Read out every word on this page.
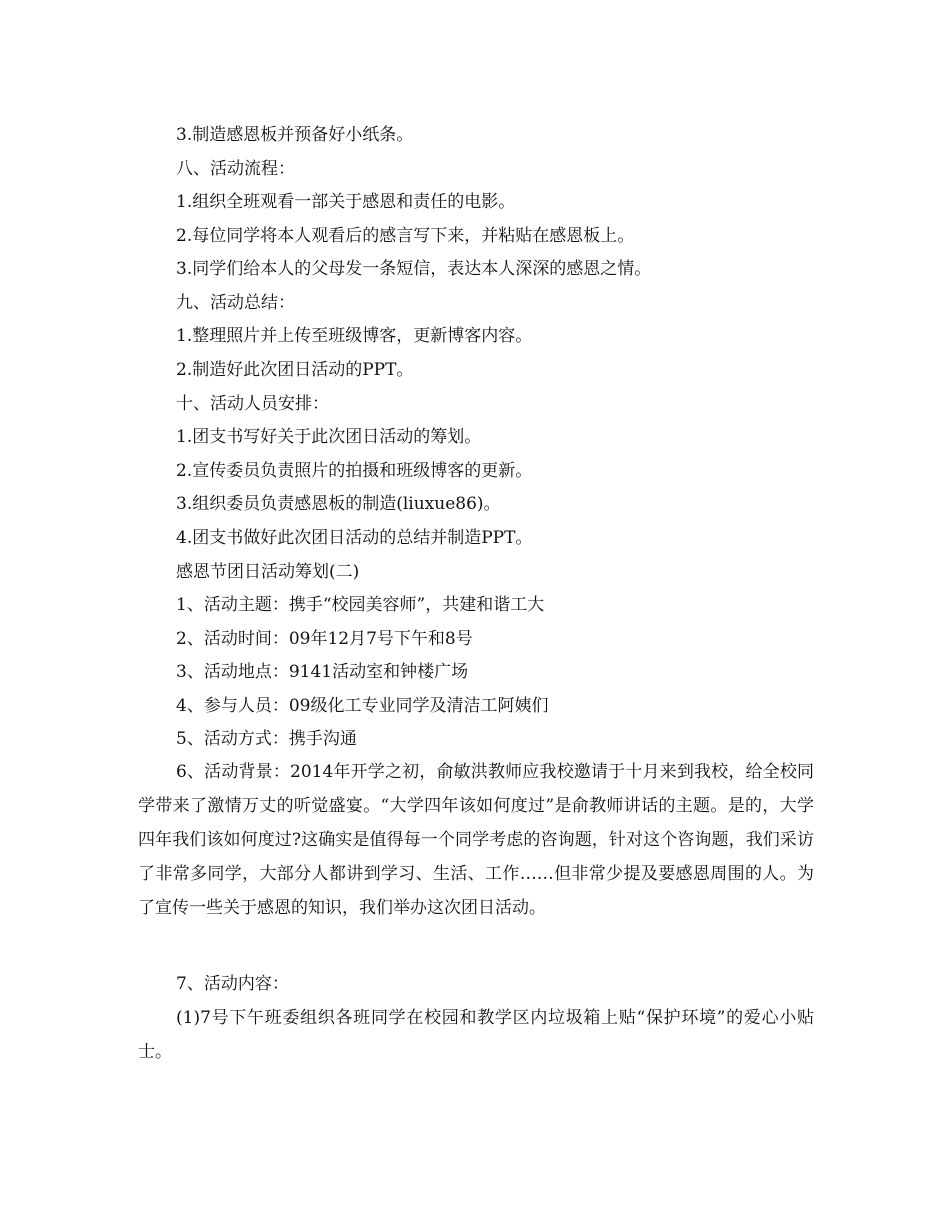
3.制造感恩板并预备好小纸条。

八、活动流程：

1.组织全班观看一部关于感恩和责任的电影。

2.每位同学将本人观看后的感言写下来，并粘贴在感恩板上。

3.同学们给本人的父母发一条短信，表达本人深深的感恩之情。

九、活动总结：

1.整理照片并上传至班级博客，更新博客内容。

2.制造好此次团日活动的PPT。

十、活动人员安排：

1.团支书写好关于此次团日活动的筹划。

2.宣传委员负责照片的拍摄和班级博客的更新。

3.组织委员负责感恩板的制造(liuxue86)。

4.团支书做好此次团日活动的总结并制造PPT。

感恩节团日活动筹划(二)

1、活动主题：携手“校园美容师”，共建和谐工大

2、活动时间：09年12月7号下午和8号

3、活动地点：9141活动室和钟楼广场

4、参与人员：09级化工专业同学及清洁工阿姨们

5、活动方式：携手沟通

6、活动背景：2014年开学之初，俞敏洪教师应我校邀请于十月来到我校，给全校同学带来了激情万丈的听觉盛宴。“大学四年该如何度过”是俞教师讲话的主题。是的，大学四年我们该如何度过?这确实是值得每一个同学考虑的咨询题，针对这个咨询题，我们采访了非常多同学，大部分人都讲到学习、生活、工作……但非常少提及要感恩周围的人。为了宣传一些关于感恩的知识，我们举办这次团日活动。

7、活动内容：

(1)7号下午班委组织各班同学在校园和教学区内垃圾箱上贴“保护环境”的爱心小贴士。
